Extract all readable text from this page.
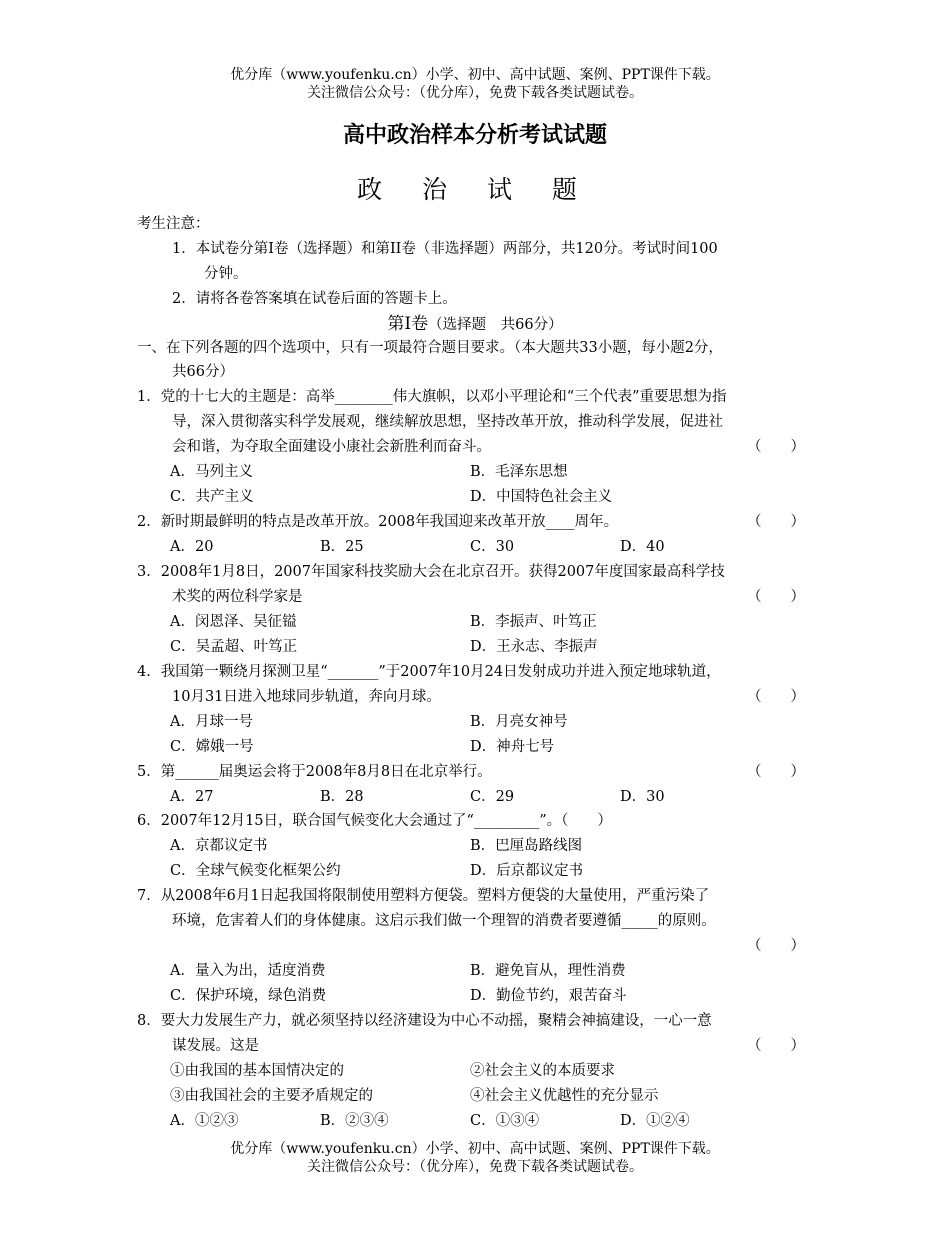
优分库（www.youfenku.cn）小学、初中、高中试题、案例、PPT课件下载。
关注微信公众号：（优分库），免费下载各类试题试卷。
高中政治样本分析考试试题
政 治 试 题
考生注意：
1．本试卷分第Ⅰ卷（选择题）和第II卷（非选择题）两部分，共120分。考试时间100
分钟。
2．请将各卷答案填在试卷后面的答题卡上。
第Ⅰ卷（选择题　共66分）
一、在下列各题的四个选项中，只有一项最符合题目要求。（本大题共33小题，每小题2分，
共66分）
1．党的十七大的主题是：高举________伟大旗帜，以邓小平理论和“三个代表”重要思想为指
导，深入贯彻落实科学发展观，继续解放思想，坚持改革开放，推动科学发展，促进社
会和谐，为夺取全面建设小康社会新胜利而奋斗。	（　　）
A．马列主义	B．毛泽东思想
C．共产主义	D．中国特色社会主义
2．新时期最鲜明的特点是改革开放。2008年我国迎来改革开放____周年。	（　　）
A．20	B．25	C．30	D．40
3．2008年1月8日，2007年国家科技奖励大会在北京召开。获得2007年度国家最高科学技
术奖的两位科学家是	（　　）
A．闵恩泽、吴征镒	B．李振声、叶笃正
C．吴孟超、叶笃正	D．王永志、李振声
4．我国第一颗绕月探测卫星“_______”于2007年10月24日发射成功并进入预定地球轨道，
10月31日进入地球同步轨道，奔向月球。	（　　）
A．月球一号	B．月亮女神号
C．嫦娥一号	D．神舟七号
5．第______届奥运会将于2008年8月8日在北京举行。	（　　）
A．27	B．28	C．29	D．30
6．2007年12月15日，联合国气候变化大会通过了“_________”。（　　）
A．京都议定书	B．巴厘岛路线图
C．全球气候变化框架公约	D．后京都议定书
7．从2008年6月1日起我国将限制使用塑料方便袋。塑料方便袋的大量使用，严重污染了
环境，危害着人们的身体健康。这启示我们做一个理智的消费者要遵循_____的原则。
（　　）
A．量入为出，适度消费	B．避免盲从，理性消费
C．保护环境，绿色消费	D．勤俭节约，艰苦奋斗
8．要大力发展生产力，就必须坚持以经济建设为中心不动摇，聚精会神搞建设，一心一意
谋发展。这是	（　　）
①由我国的基本国情决定的	②社会主义的本质要求
③由我国社会的主要矛盾规定的	④社会主义优越性的充分显示
A．①②③	B．②③④	C．①③④	D．①②④
优分库（www.youfenku.cn）小学、初中、高中试题、案例、PPT课件下载。
关注微信公众号：（优分库），免费下载各类试题试卷。
